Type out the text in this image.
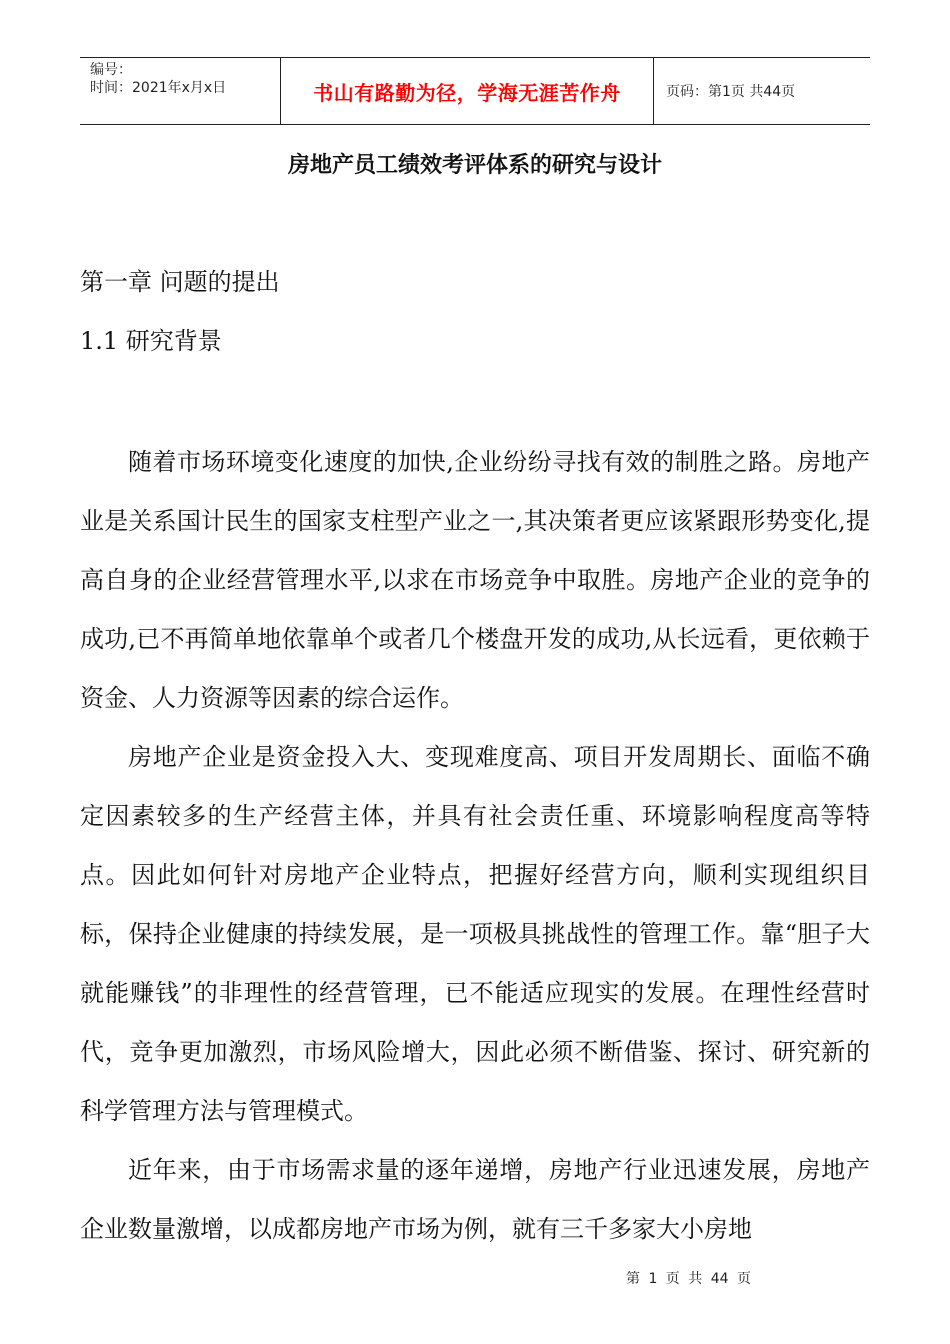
编号：
时间：2021年x月x日	书山有路勤为径，学海无涯苦作舟	页码：第1页 共44页
房地产员工绩效考评体系的研究与设计
第一章 问题的提出
1.1 研究背景

随着市场环境变化速度的加快,企业纷纷寻找有效的制胜之路。房地产业是关系国计民生的国家支柱型产业之一,其决策者更应该紧跟形势变化,提高自身的企业经营管理水平,以求在市场竞争中取胜。房地产企业的竞争的成功,已不再简单地依靠单个或者几个楼盘开发的成功,从长远看，更依赖于资金、人力资源等因素的综合运作。

房地产企业是资金投入大、变现难度高、项目开发周期长、面临不确定因素较多的生产经营主体，并具有社会责任重、环境影响程度高等特点。因此如何针对房地产企业特点，把握好经营方向，顺利实现组织目标，保持企业健康的持续发展，是一项极具挑战性的管理工作。靠“胆子大就能赚钱”的非理性的经营管理，已不能适应现实的发展。在理性经营时代，竞争更加激烈，市场风险增大，因此必须不断借鉴、探讨、研究新的科学管理方法与管理模式。

近年来，由于市场需求量的逐年递增，房地产行业迅速发展，房地产企业数量激增，以成都房地产市场为例，就有三千多家大小房地

第 1 页 共 44 页
